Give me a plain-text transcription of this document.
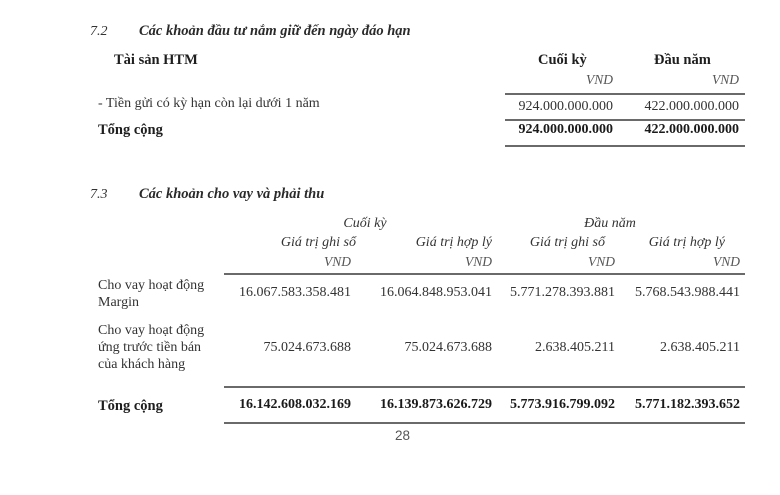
7.2 Các khoản đầu tư nắm giữ đến ngày đáo hạn
Tài sản HTM	Cuối kỳ	Đầu năm
VND	VND
- Tiền gửi có kỳ hạn còn lại dưới 1 năm	924.000.000.000	422.000.000.000
Tổng cộng	924.000.000.000	422.000.000.000
7.3 Các khoản cho vay và phải thu
Cuối kỳ	Đầu năm
Giá trị ghi sổ	Giá trị hợp lý	Giá trị ghi sổ	Giá trị hợp lý
VND	VND	VND	VND
Cho vay hoạt động
Margin
16.067.583.358.481	16.064.848.953.041	5.771.278.393.881	5.768.543.988.441
Cho vay hoạt động
ứng trước tiền bán
của khách hàng
75.024.673.688	75.024.673.688	2.638.405.211	2.638.405.211
Tổng cộng	16.142.608.032.169	16.139.873.626.729	5.773.916.799.092	5.771.182.393.652
28
